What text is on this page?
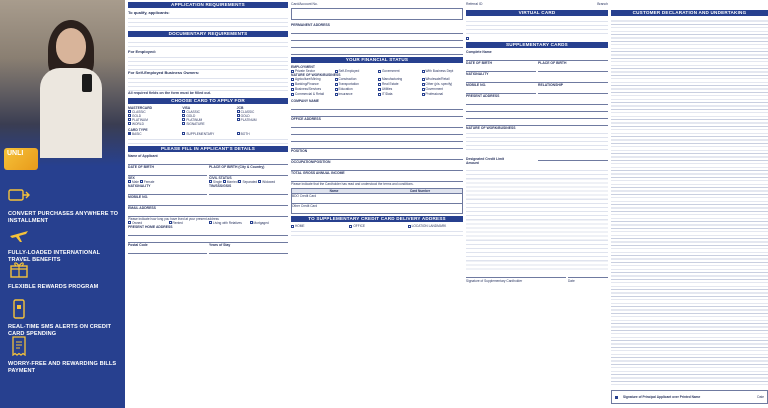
UNLI
CONVERT PURCHASES ANYWHERE TO INSTALLMENT
FULLY-LOADED INTERNATIONAL TRAVEL BENEFITS
FLEXIBLE REWARDS PROGRAM
REAL-TIME SMS ALERTS ON CREDIT CARD SPENDING
WORRY-FREE AND REWARDING BILLS PAYMENT
APPLICATION REQUIREMENTS
To qualify, applicants:
DOCUMENTARY REQUIREMENTS
For Employed:
For Self-Employed Business Owners:
All required fields on the form must be filled out.
CHOOSE CARD TO APPLY FOR
MASTERCARD
CLASSIC
GOLD
PLATINUM
WORLD
VISA
CLASSIC
GOLD
PLATINUM
SIGNATURE
JCB
CLASSIC
GOLD
PLATINUM
CARD TYPE
BASIC	SUPPLEMENTARY	BOTH
PLEASE FILL IN APPLICANT'S DETAILS
Name of Applicant
DATE OF BIRTH	PLACE OF BIRTH (City & Country)
SEX
Male Female
CIVIL STATUS
Single Married Separated Widowed
NATIONALITY	TIN/SSS/GSIS
MOBILE NO.
EMAIL ADDRESS
Please indicate how long you have lived at your present address
Owned	Rented	Living with Relatives	Mortgaged
PRESENT HOME ADDRESS
Postal Code	Years of Stay
Card/Account No.
PERMANENT ADDRESS
YOUR FINANCIAL STATUS
EMPLOYMENT
Private Sector	Self-Employed	Government	With Business Dept
NATURE OF WORK/BUSINESS
Agriculture/Mining	Construction	Manufacturing	Wholesale/Retail
Banking/Finance	Transportation	Real Estate	Other (pls. specify)
Business/Services	Education	Utilities	Government
Commercial & Retail	Insurance	IT/Data	Professional
COMPANY NAME
OFFICE ADDRESS
POSITION
OCCUPATION/POSITION
TOTAL GROSS ANNUAL INCOME
Please indicate that the Cardholder has read and understood the terms and conditions.
Name	Card Number
BDO Credit Card
Other Credit Card
TO SUPPLEMENTARY CREDIT CARD DELIVERY ADDRESS
HOME	OFFICE	LOCATION LANDMARK
Referral ID	Branch
VIRTUAL CARD
SUPPLEMENTARY CARDS
Complete Name
DATE OF BIRTH	PLACE OF BIRTH
NATIONALITY
MOBILE NO.	RELATIONSHIP
PRESENT ADDRESS
NATURE OF WORK/BUSINESS
Designated Credit Limit
Amount
Signature of Supplementary Cardholder	Date
CUSTOMER DECLARATION AND UNDERTAKING
Signature of Principal Applicant over Printed Name	Date
